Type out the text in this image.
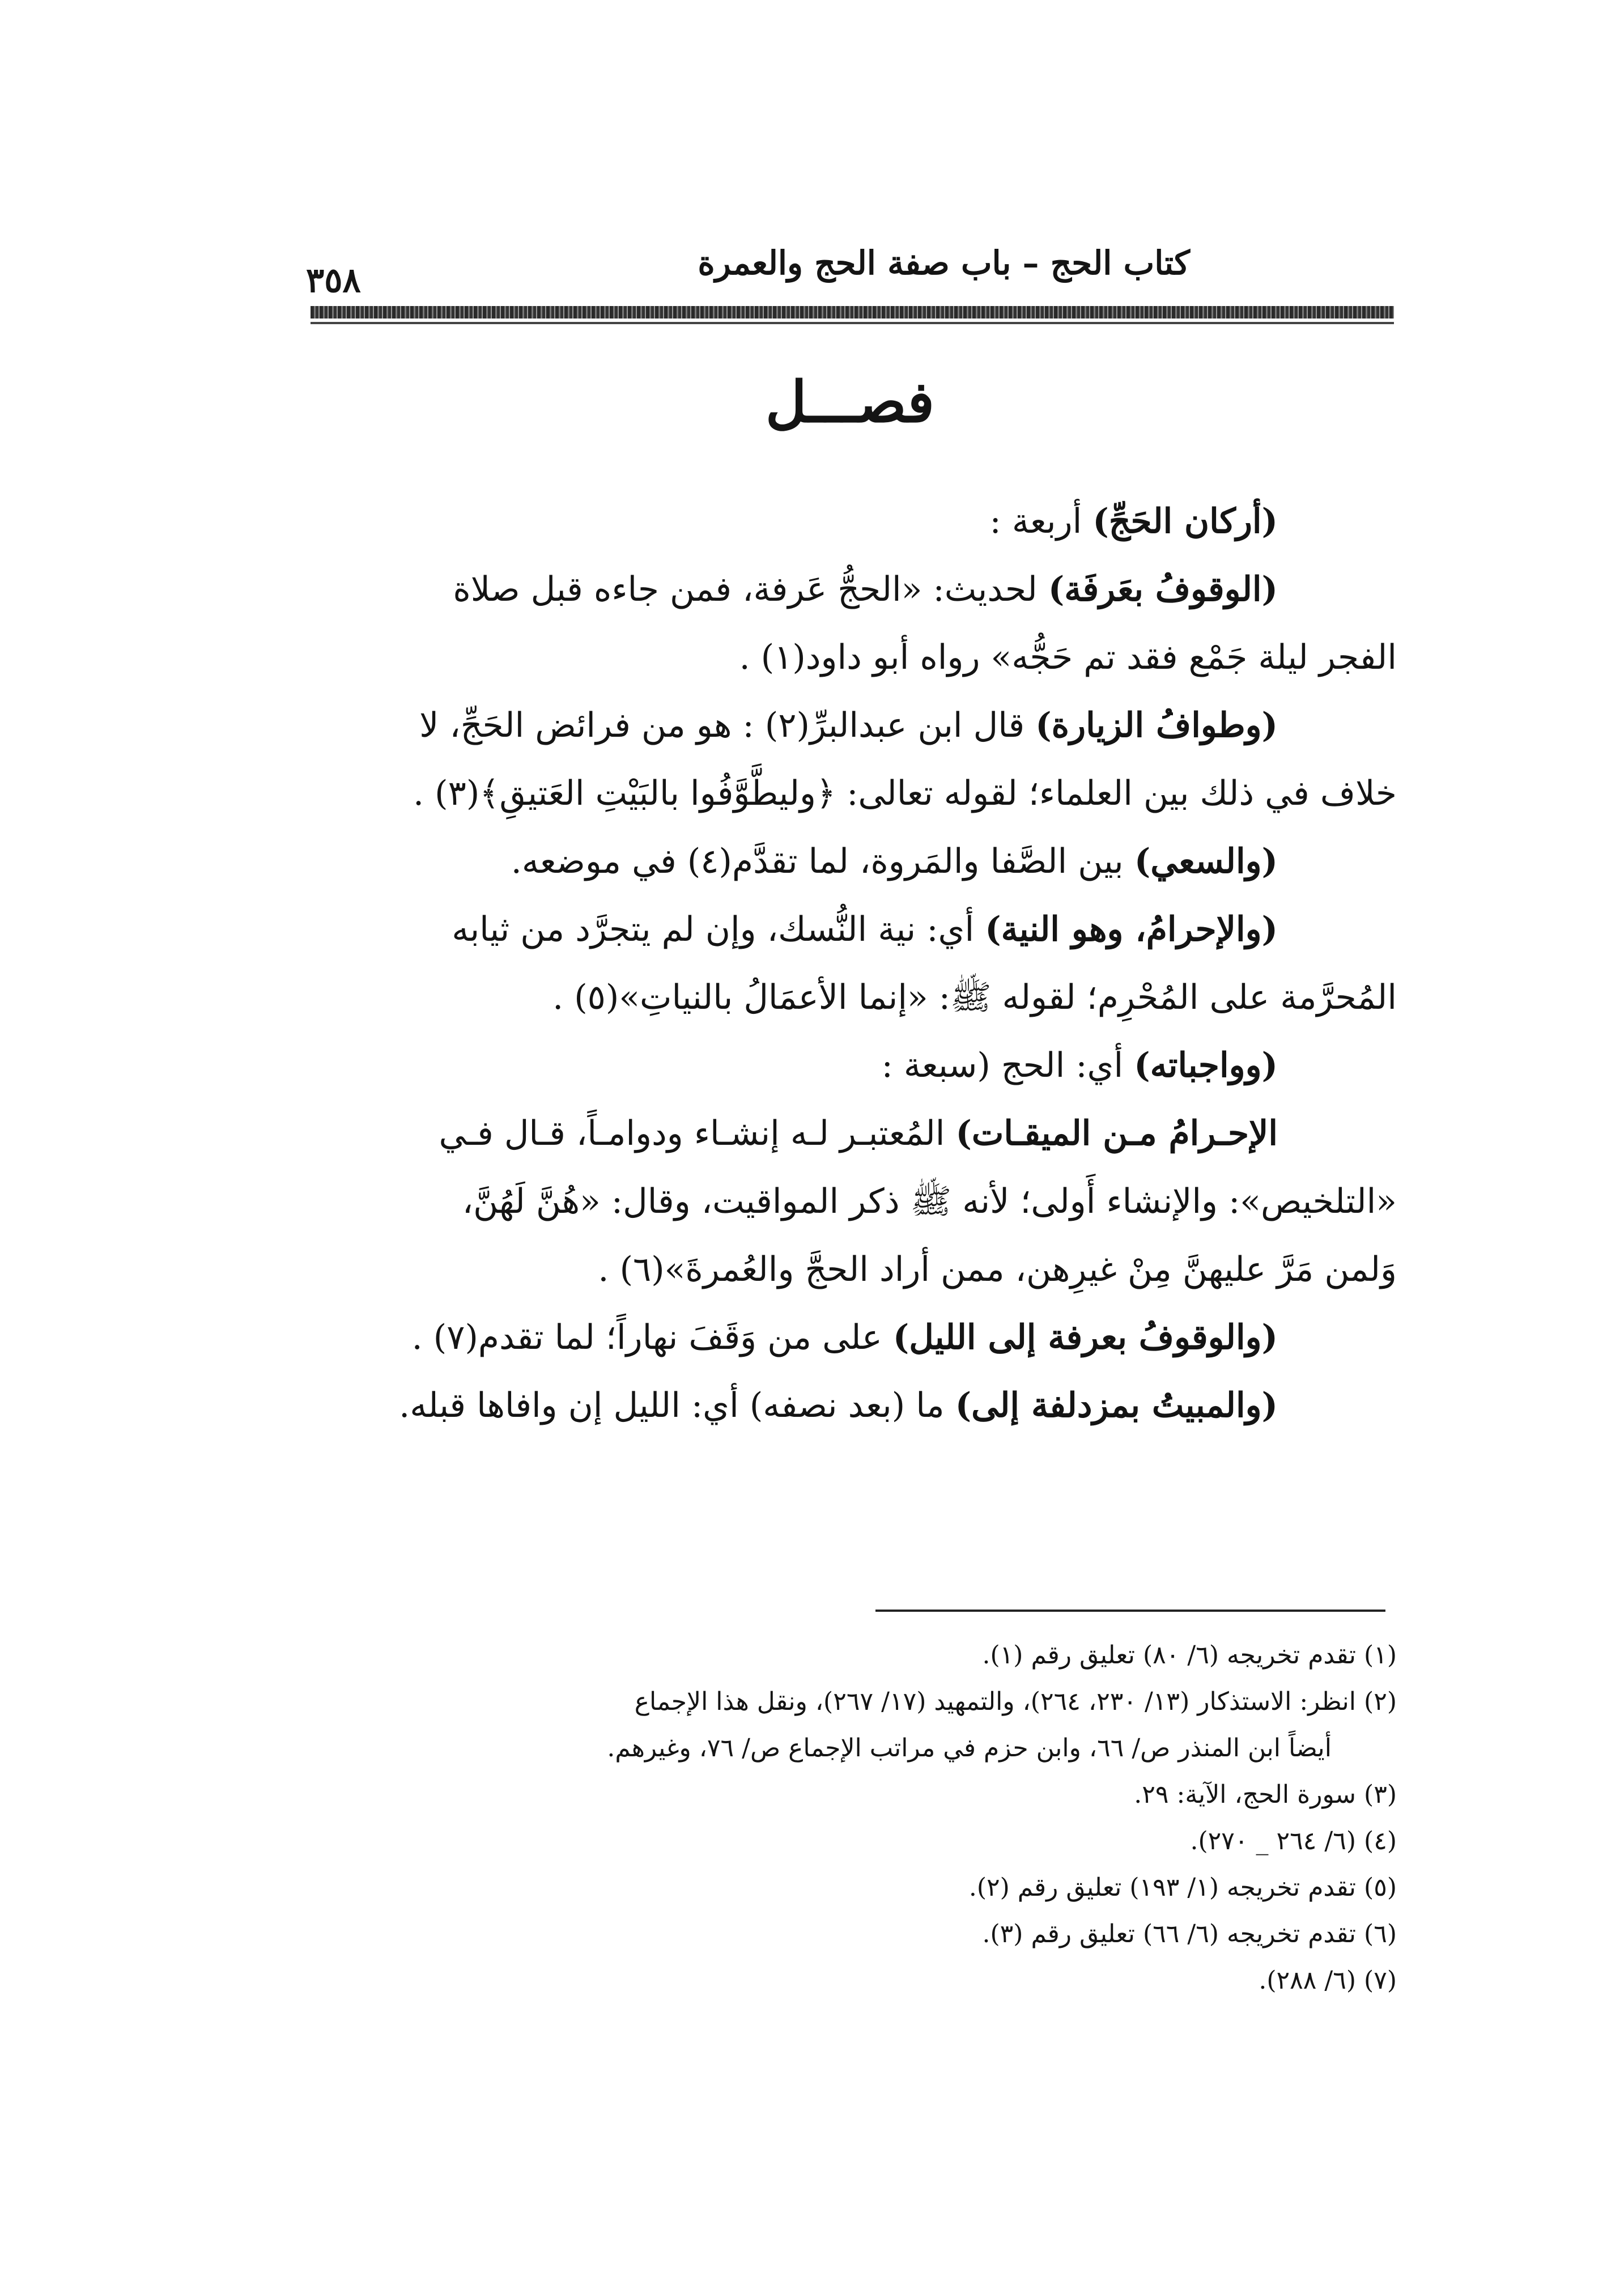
كتاب الحج – باب صفة الحج والعمرة
٣٥٨
فصـــل

(أركان الحَجِّ) أربعة :

(الوقوفُ بعَرفَة) لحديث: «الحجُّ عَرفة، فمن جاءه قبل صلاة

الفجر ليلة جَمْع فقد تم حَجُّه» رواه أبو داود(١) .

(وطوافُ الزيارة) قال ابن عبدالبرِّ(٢) : هو من فرائض الحَجِّ، لا

خلاف في ذلك بين العلماء؛ لقوله تعالى: ﴿وليطَّوَّفُوا بالبَيْتِ العَتيقِ﴾(٣) .

(والسعي) بين الصَّفا والمَروة، لما تقدَّم(٤) في موضعه.

(والإحرامُ، وهو النية) أي: نية النُّسك، وإن لم يتجرَّد من ثيابه

المُحرَّمة على المُحْرِم؛ لقوله ﷺ: «إنما الأعمَالُ بالنياتِ»(٥) .

(وواجباته) أي: الحج (سبعة :

الإحـرامُ مـن الميقـات) المُعتبـر لـه إنشـاء ودوامـاً، قـال فـي

«التلخيص»: والإنشاء أَولى؛ لأنه ﷺ ذكر المواقيت، وقال: «هُنَّ لَهُنَّ،

وَلمن مَرَّ عليهنَّ مِنْ غيرِهن، ممن أراد الحجَّ والعُمرةَ»(٦) .

(والوقوفُ بعرفة إلى الليل) على من وَقَفَ نهاراً؛ لما تقدم(٧) .

(والمبيتُ بمزدلفة إلى) ما (بعد نصفه) أي: الليل إن وافاها قبله.

(١) تقدم تخريجه (٦/ ٨٠) تعليق رقم (١).

(٢) انظر: الاستذكار (١٣/ ٢٣٠، ٢٦٤)، والتمهيد (١٧/ ٢٦٧)، ونقل هذا الإجماع

أيضاً ابن المنذر ص/ ٦٦، وابن حزم في مراتب الإجماع ص/ ٧٦، وغيرهم.

(٣) سورة الحج، الآية: ٢٩.

(٤) (٦/ ٢٦٤ _ ٢٧٠).

(٥) تقدم تخريجه (١/ ١٩٣) تعليق رقم (٢).

(٦) تقدم تخريجه (٦/ ٦٦) تعليق رقم (٣).

(٧) (٦/ ٢٨٨).
